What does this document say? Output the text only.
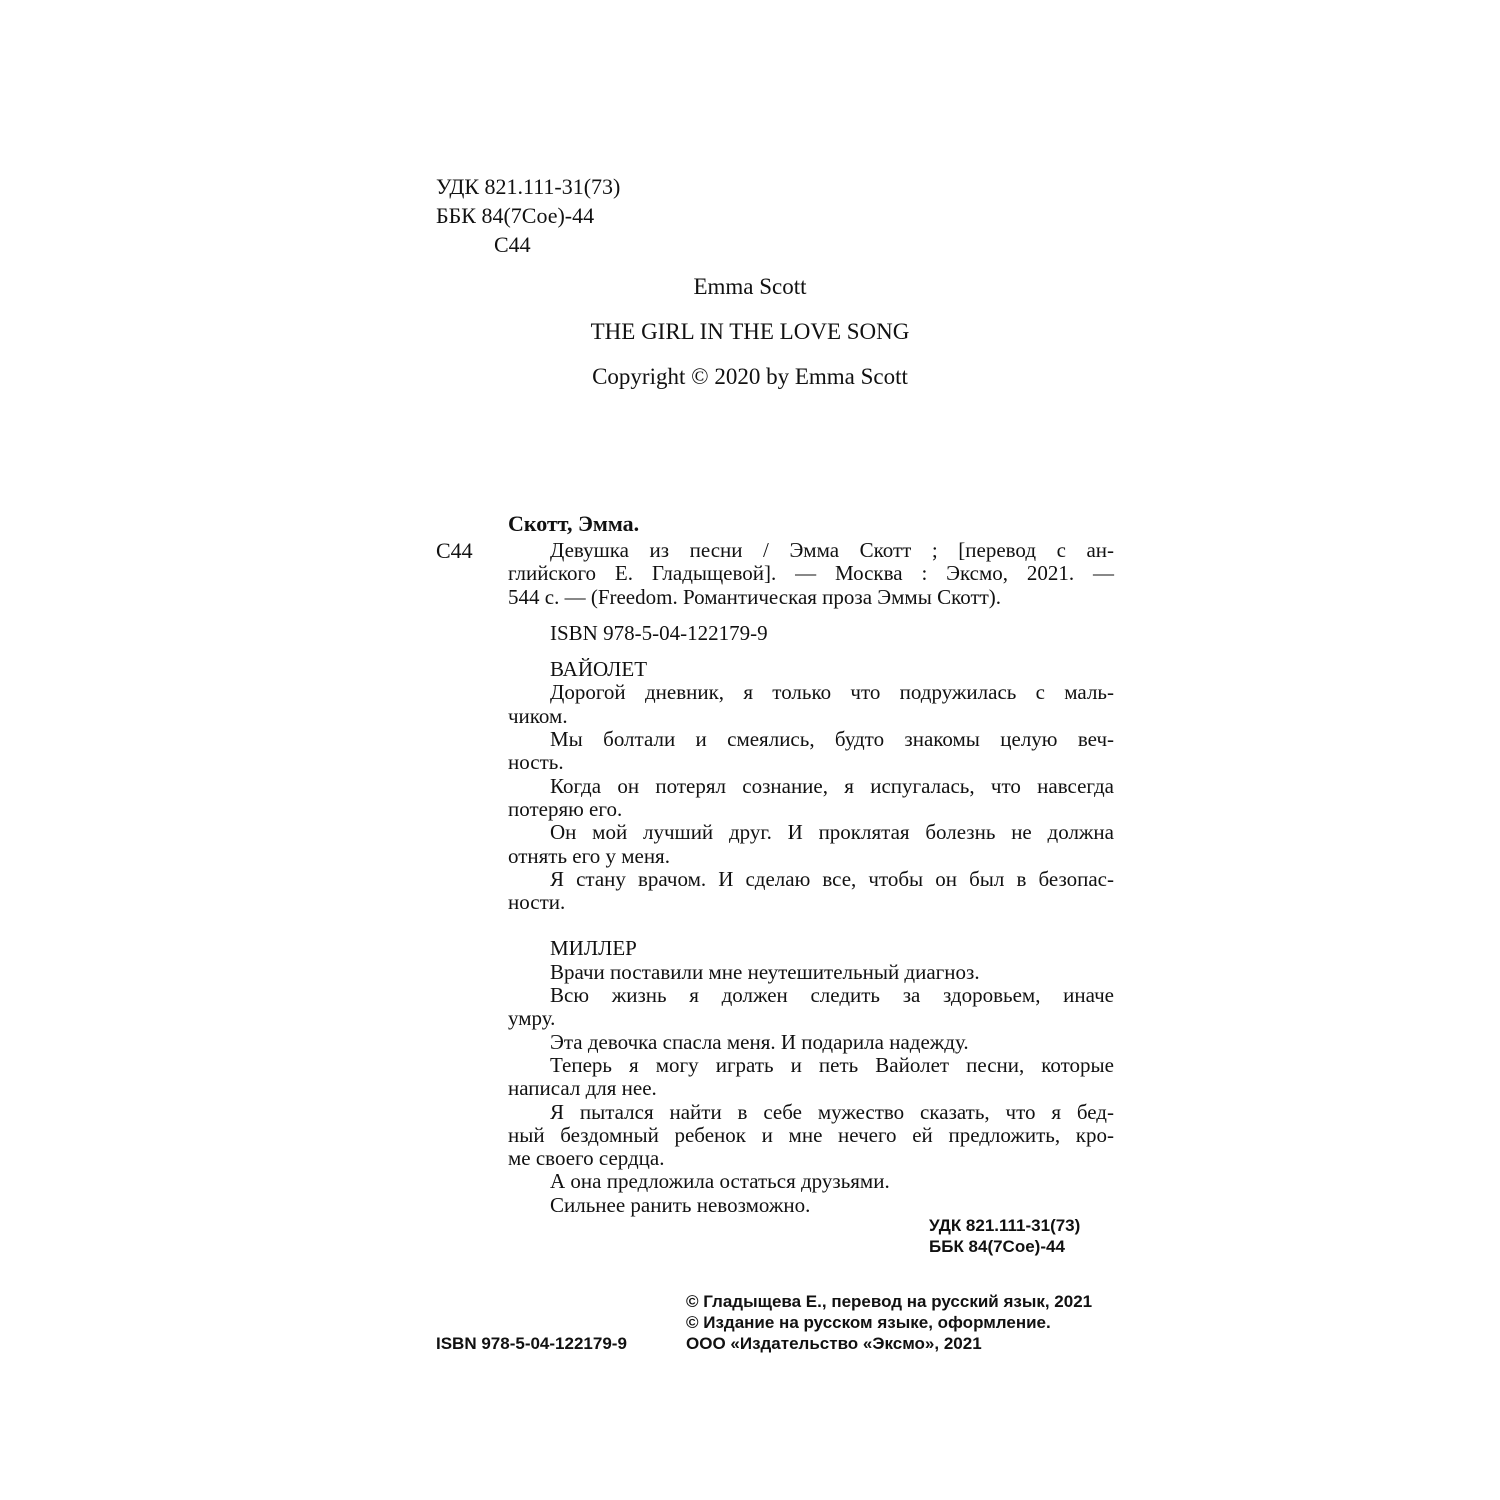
УДК 821.111-31(73)
ББК 84(7Сое)-44
С44
Emma Scott
THE GIRL IN THE LOVE SONG
Copyright © 2020 by Emma Scott
С44

Скотт, Эмма.

Девушка из песни / Эмма Скотт ; [перевод с ан-
глийского Е. Гладыщевой]. — Москва : Эксмо, 2021. —
544 с. — (Freedom. Романтическая проза Эммы Скотт).

ISBN 978-5-04-122179-9

ВАЙОЛЕТ

Дорогой дневник, я только что подружилась с маль-
чиком.
Мы болтали и смеялись, будто знакомы целую веч-
ность.
Когда он потерял сознание, я испугалась, что навсегда
потеряю его.
Он мой лучший друг. И проклятая болезнь не должна
отнять его у меня.
Я стану врачом. И сделаю все, чтобы он был в безопас-
ности.

МИЛЛЕР

Врачи поставили мне неутешительный диагноз.
Всю жизнь я должен следить за здоровьем, иначе
умру.
Эта девочка спасла меня. И подарила надежду.
Теперь я могу играть и петь Вайолет песни, которые
написал для нее.
Я пытался найти в себе мужество сказать, что я бед-
ный бездомный ребенок и мне нечего ей предложить, кро-
ме своего сердца.
А она предложила остаться друзьями.
Сильнее ранить невозможно.
УДК 821.111-31(73)
ББК 84(7Сое)-44
© Гладыщева Е., перевод на русский язык, 2021
© Издание на русском языке, оформление.
ООО «Издательство «Эксмо», 2021
ISBN 978-5-04-122179-9
